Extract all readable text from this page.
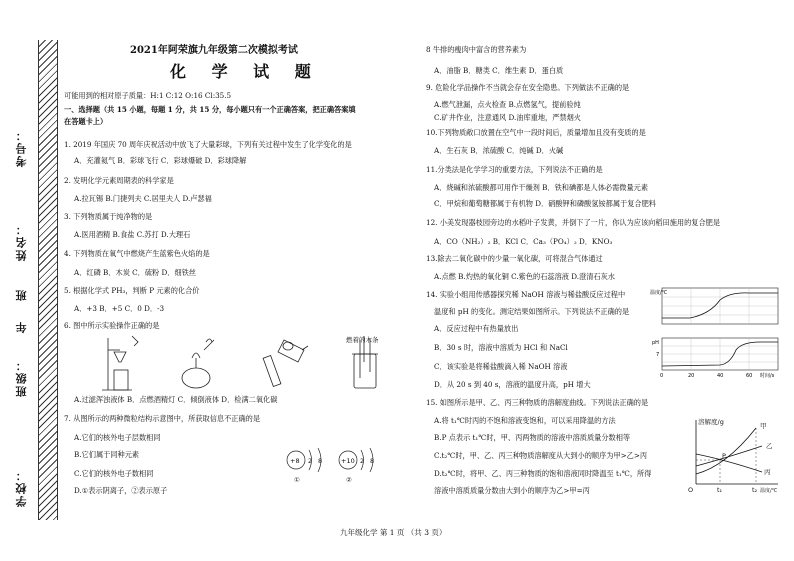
考号：
姓名：
班
年
班级：
学校：
2021年阿荣旗九年级第二次模拟考试
化 学 试 题
可能用到的相对原子质量：H:1 C:12 O:16 Cl:35.5
一、选择题（共 15 小题，每题 1 分，共 15 分，每小题只有一个正确答案，把正确答案填
在答题卡上）
1. 2019 年国庆 70 周年庆祝活动中放飞了大量彩球，下列有关过程中发生了化学变化的是
A．充灌氦气 B．彩球飞行 C．彩球爆破 D．彩球降解
2. 发明化学元素周期表的科学家是
A.拉瓦锡 B.门捷列夫 C.居里夫人 D.卢瑟福
3. 下列物质属于纯净物的是
A.医用酒精 B.食盐 C.苏打 D.大理石
4. 下列物质在氧气中燃烧产生蓝紫色火焰的是
A．红磷 B．木炭 C．硫粉 D．细铁丝
5. 根据化学式 PH₃，判断 P 元素的化合价
A．+3 B．+5 C．0 D．-3
6. 图中所示实验操作正确的是
燃着的木条
A.过滤浑浊液体 B．点燃酒精灯 C．倾倒液体 D．检满二氧化碳
7. 从图所示的两种微粒结构示意图中，所获取信息不正确的是
A.它们的核外电子层数相同
B.它们属于同种元素
C.它们的核外电子数相同
D.①表示阴离子，②表示原子
+8 2 8	+10 2 8
①	②
8 牛排的瘦肉中富含的营养素为
A．油脂 B．糖类 C．维生素 D．蛋白质
9. 危险化学品操作不当就会存在安全隐患。下列做法不正确的是
A.燃气泄漏，点火检查 B.点燃氢气，提前验纯
C.矿井作业，注意通风 D.油库重地，严禁烟火
10.下列物质敞口放置在空气中一段时间后，质量增加且没有变质的是
A．生石灰 B．浓硫酸 C．纯碱 D．火碱
11.分类法是化学学习的重要方法，下列说法不正确的是
A．烧碱和浓硫酸都可用作干燥剂 B．铁和碘都是人体必需微量元素
C．甲烷和葡萄糖都属于有机物 D．硝酸钾和磷酸氢铵都属于复合肥料
12. 小美发现器枝园旁边的水稻叶子发黄，并倒下了一片，你认为应该向稻田施用的复合肥是
A．CO（NH₂）₂ B．KCl C．Ca₃（PO₄）₂ D．KNO₃
13.除去二氧化碳中的少量一氧化碳，可将混合气体通过
A.点燃 B.灼热的氧化铜 C.紫色的石蕊溶液 D.澄清石灰水
14. 实验小组用传感器探究稀 NaOH 溶液与稀盐酸反应过程中
温度和 pH 的变化。测定结果如图所示。下列说法不正确的是
A．反应过程中有热量放出
B．30 s 时，溶液中溶质为 HCl 和 NaCl
C．该实验是将稀盐酸滴入稀 NaOH 溶液
D．从 20 s 到 40 s，溶液的温度升高，pH 增大
温度/℃
pH
7
0	20	40	60 时间/s
15. 如图所示是甲、乙、丙三种物质的溶解度曲线。下列说法正确的是
A.将 t₁℃时丙的不饱和溶液变饱和，可以采用降温的方法
B.P 点表示 t₁℃时，甲、丙两物质的溶液中溶质质量分数相等
C.t₂℃时，甲、乙、丙三种物质溶解度从大到小的顺序为甲>乙>丙
D.t₂℃时，将甲、乙、丙三种物质的饱和溶液同时降温至 t₁℃，所得
溶液中溶质质量分数由大到小的顺序为乙>甲=丙
溶解度/g	甲
乙
丙
P
O	t₁	t₂ 温度/℃
九年级化学 第 1 页 （共 3 页）
